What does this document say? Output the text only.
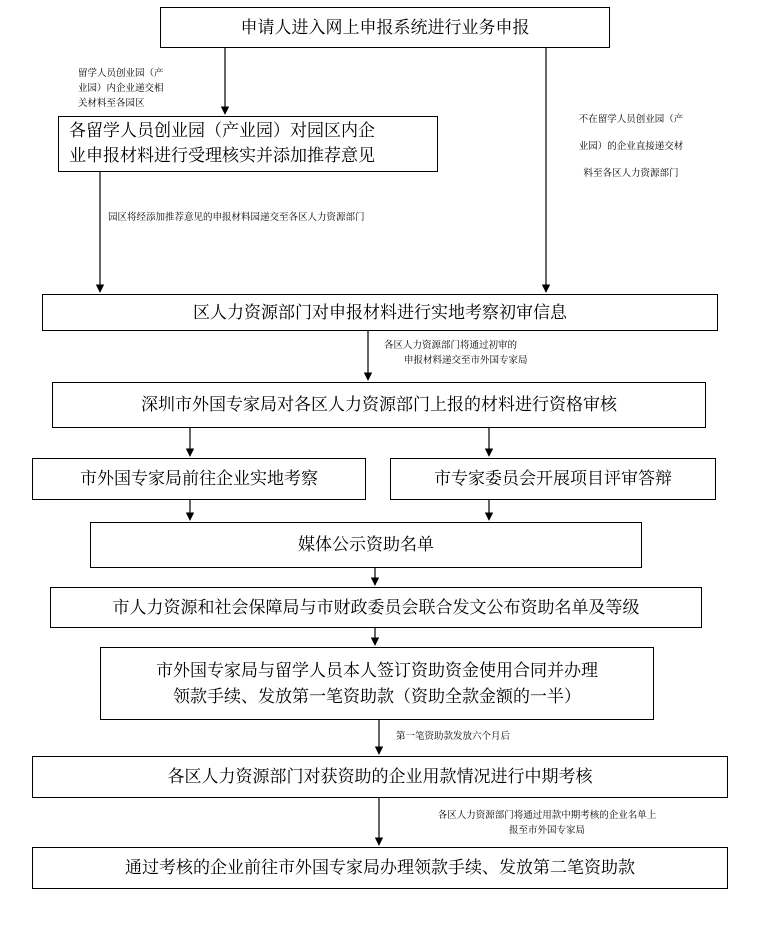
申请人进入网上申报系统进行业务申报
留学人员创业园（产
业园）内企业递交相
关材料至各园区
各留学人员创业园（产业园）对园区内企
业申报材料进行受理核实并添加推荐意见
不在留学人员创业园（产
业园）的企业直接递交材
料至各区人力资源部门
园区将经添加推荐意见的申报材料园递交至各区人力资源部门
区人力资源部门对申报材料进行实地考察初审信息
各区人力资源部门将通过初审的
申报材料递交至市外国专家局
深圳市外国专家局对各区人力资源部门上报的材料进行资格审核
市外国专家局前往企业实地考察	市专家委员会开展项目评审答辩
媒体公示资助名单
市人力资源和社会保障局与市财政委员会联合发文公布资助名单及等级
市外国专家局与留学人员本人签订资助资金使用合同并办理
领款手续、发放第一笔资助款（资助全款金额的一半）
第一笔资助款发放六个月后
各区人力资源部门对获资助的企业用款情况进行中期考核
各区人力资源部门将通过用款中期考核的企业名单上
报至市外国专家局
通过考核的企业前往市外国专家局办理领款手续、发放第二笔资助款
